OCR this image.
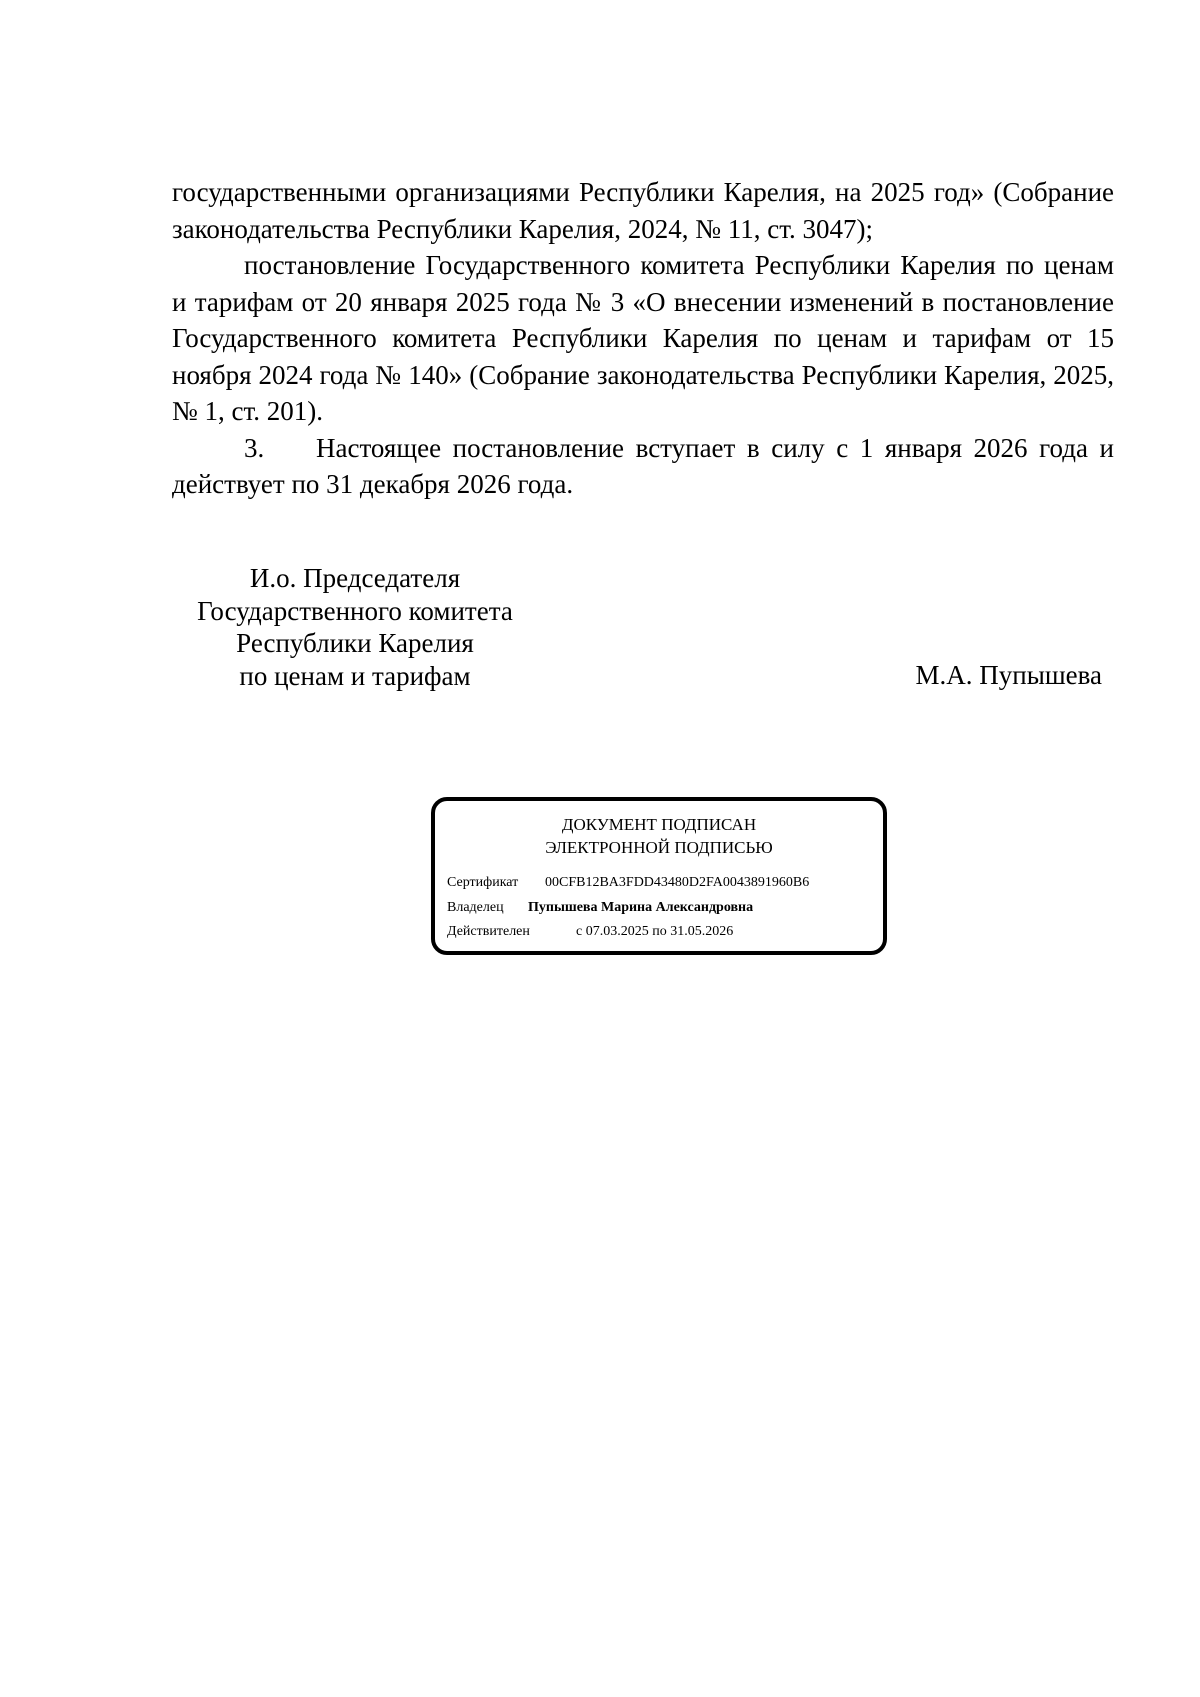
государственными организациями Республики Карелия, на 2025 год» (Собрание законодательства Республики Карелия, 2024, № 11, ст. 3047);

постановление Государственного комитета Республики Карелия по ценам и тарифам от 20 января 2025 года № 3 «О внесении изменений в постановление Государственного комитета Республики Карелия по ценам и тарифам от 15 ноября 2024 года № 140» (Собрание законодательства Республики Карелия, 2025, № 1, ст. 201).

3. Настоящее постановление вступает в силу с 1 января 2026 года и действует по 31 декабря 2026 года.

И.о. Председателя
Государственного комитета
Республики Карелия
по ценам и тарифам	М.А. Пупышева
ДОКУМЕНТ ПОДПИСАН
ЭЛЕКТРОННОЙ ПОДПИСЬЮ
Сертификат 00CFB12BA3FDD43480D2FA0043891960B6
Владелец Пупышева Марина Александровна
Действителен	с 07.03.2025 по 31.05.2026
